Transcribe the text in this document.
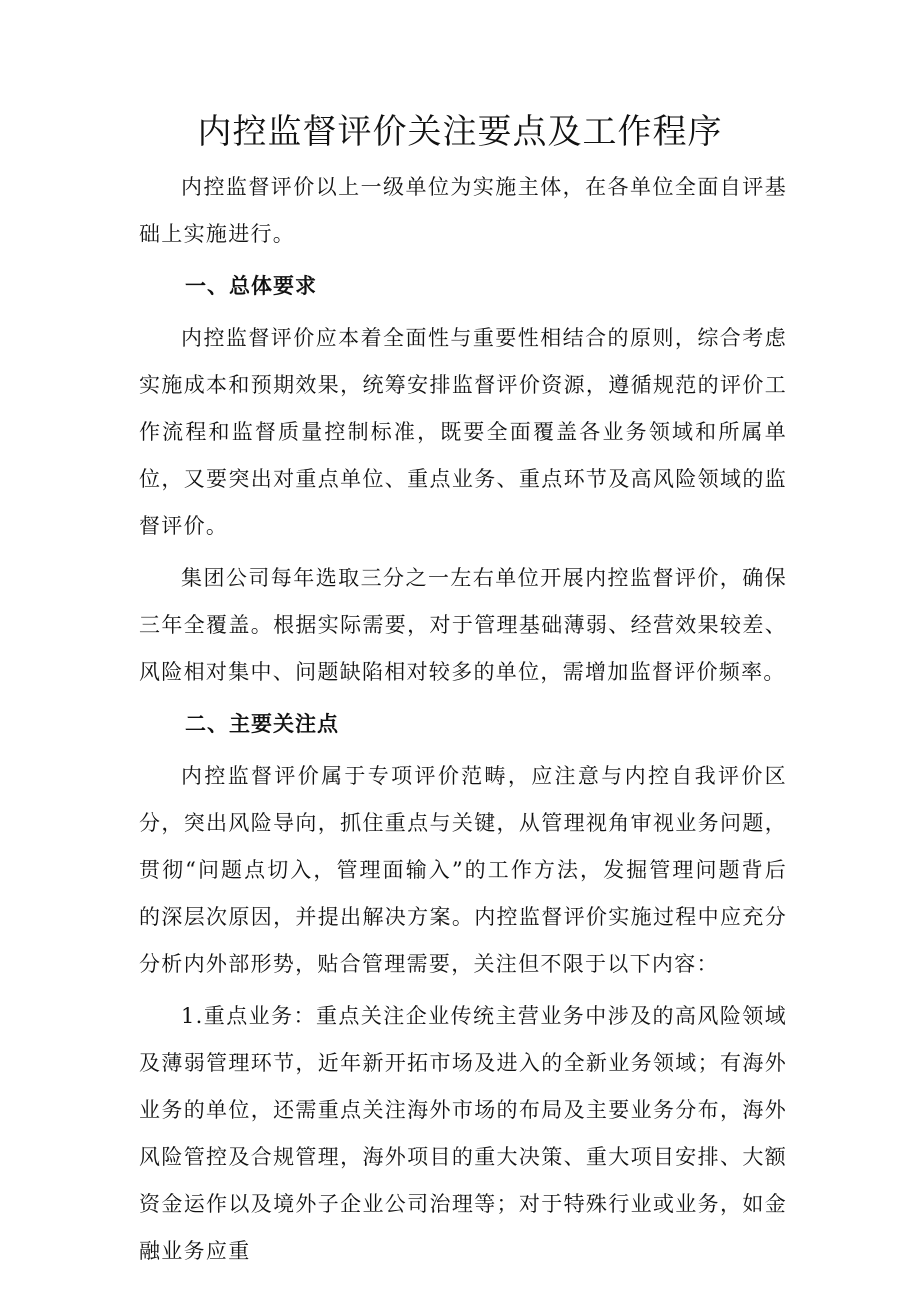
内控监督评价关注要点及工作程序

内控监督评价以上一级单位为实施主体，在各单位全面自评基础上实施进行。

一、总体要求

内控监督评价应本着全面性与重要性相结合的原则，综合考虑实施成本和预期效果，统筹安排监督评价资源，遵循规范的评价工作流程和监督质量控制标准，既要全面覆盖各业务领域和所属单位，又要突出对重点单位、重点业务、重点环节及高风险领域的监督评价。

集团公司每年选取三分之一左右单位开展内控监督评价，确保三年全覆盖。根据实际需要，对于管理基础薄弱、经营效果较差、风险相对集中、问题缺陷相对较多的单位，需增加监督评价频率。

二、主要关注点

内控监督评价属于专项评价范畴，应注意与内控自我评价区分，突出风险导向，抓住重点与关键，从管理视角审视业务问题，贯彻“问题点切入，管理面输入”的工作方法，发掘管理问题背后的深层次原因，并提出解决方案。内控监督评价实施过程中应充分分析内外部形势，贴合管理需要，关注但不限于以下内容：

1.重点业务：重点关注企业传统主营业务中涉及的高风险领域及薄弱管理环节，近年新开拓市场及进入的全新业务领域；有海外业务的单位，还需重点关注海外市场的布局及主要业务分布，海外风险管控及合规管理，海外项目的重大决策、重大项目安排、大额资金运作以及境外子企业公司治理等；对于特殊行业或业务，如金融业务应重
